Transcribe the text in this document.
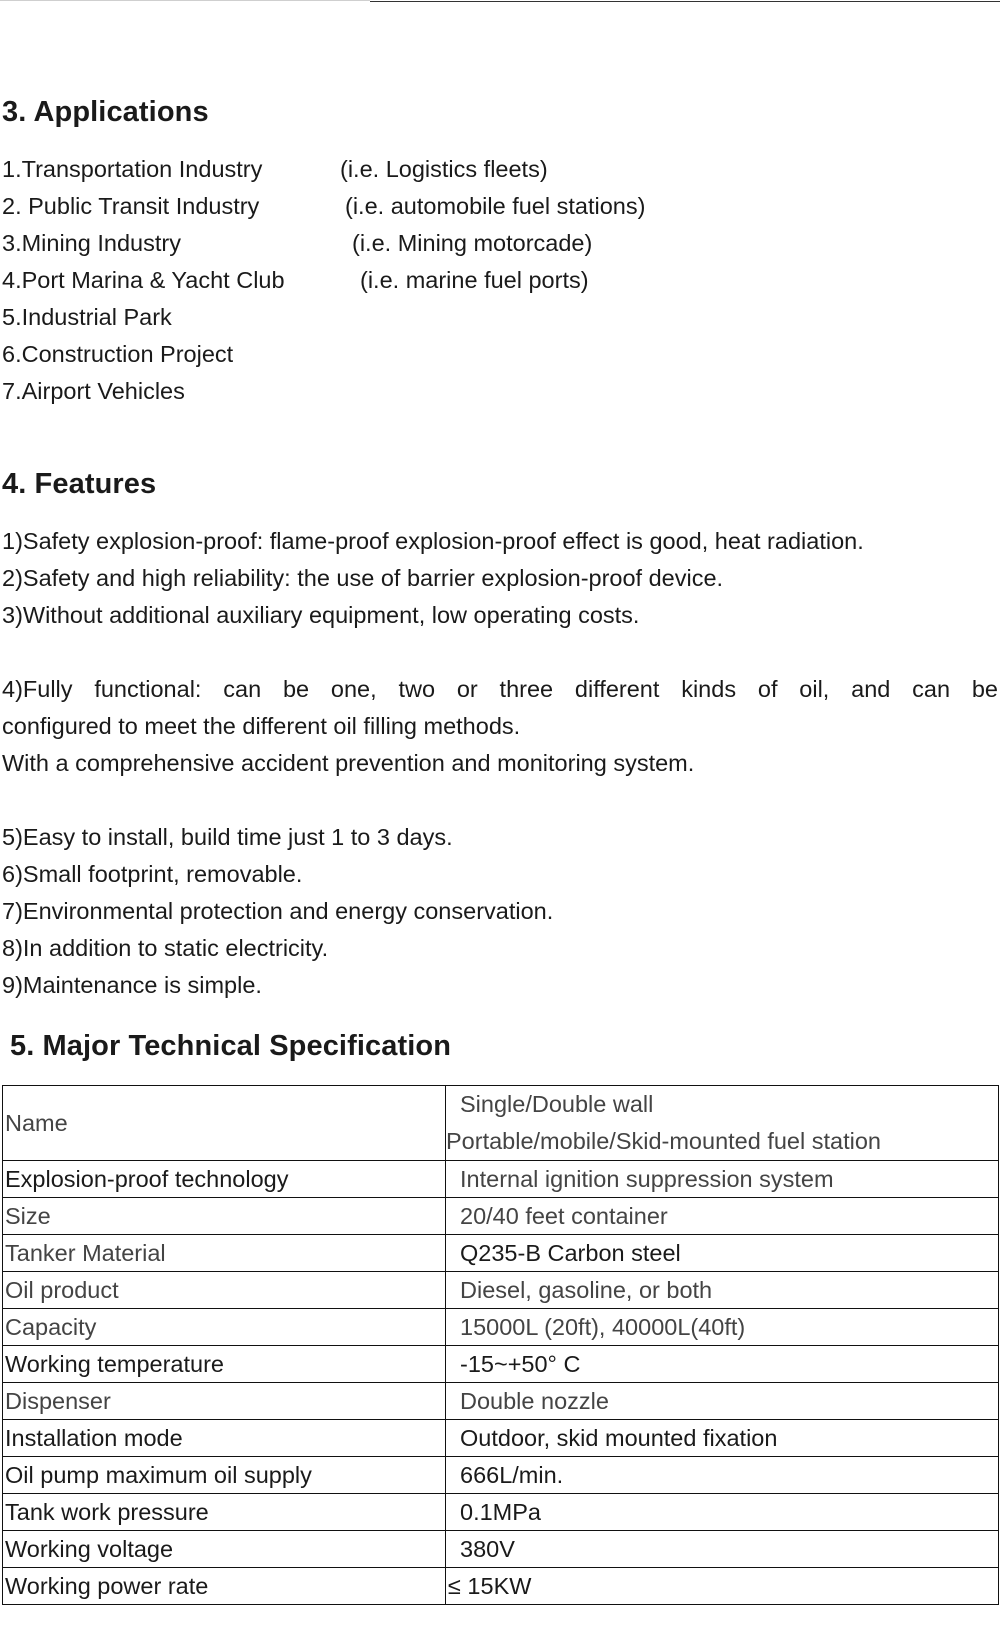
3. Applications
1.Transportation Industry	(i.e. Logistics fleets)
2. Public Transit Industry	(i.e. automobile fuel stations)
3.Mining Industry	(i.e. Mining motorcade)
4.Port Marina & Yacht Club	(i.e. marine fuel ports)
5.Industrial Park
6.Construction Project
7.Airport Vehicles
4. Features
1)Safety explosion-proof: flame-proof explosion-proof effect is good, heat radiation.
2)Safety and high reliability: the use of barrier explosion-proof device.
3)Without additional auxiliary equipment, low operating costs.
4)Fully functional: can be one, two or three different kinds of oil, and can be
configured to meet the different oil filling methods.
With a comprehensive accident prevention and monitoring system.
5)Easy to install, build time just 1 to 3 days.
6)Small footprint, removable.
7)Environmental protection and energy conservation.
8)In addition to static electricity.
9)Maintenance is simple.
5. Major Technical Specification
Name	Single/Double wall
Portable/mobile/Skid-mounted fuel station

Explosion-proof technology	Internal ignition suppression system
Size	20/40 feet container
Tanker Material	Q235-B Carbon steel
Oil product	Diesel, gasoline, or both
Capacity	15000L (20ft), 40000L(40ft)
Working temperature	-15~+50° C
Dispenser	Double nozzle
Installation mode	Outdoor, skid mounted fixation
Oil pump maximum oil supply	666L/min.
Tank work pressure	0.1MPa
Working voltage	380V
Working power rate	≤ 15KW
